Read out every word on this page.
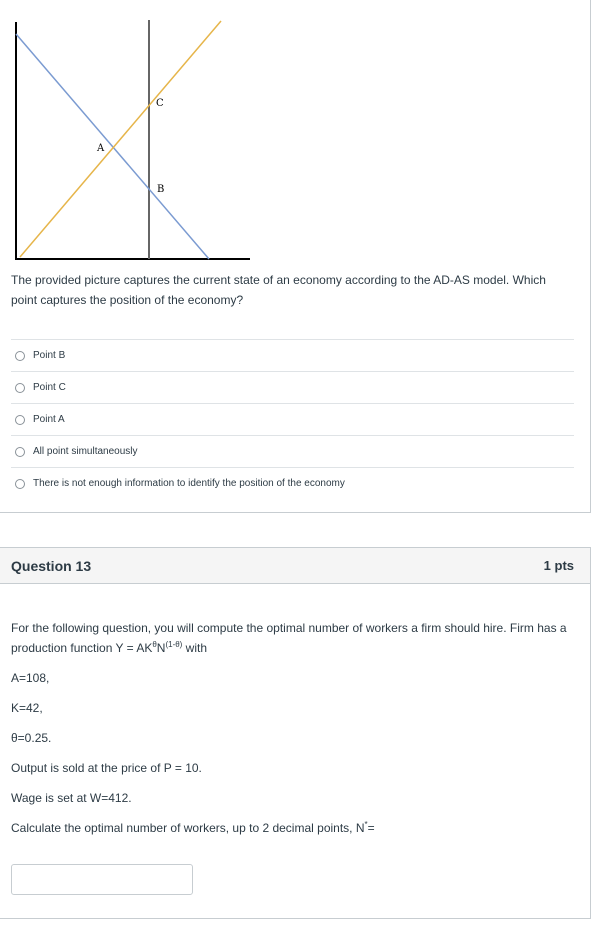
A
C
B
The provided picture captures the current state of an economy according to the AD-AS model. Which point captures the position of the economy?
Point B
Point C
Point A
All point simultaneously
There is not enough information to identify the position of the economy
Question 13	1 pts

For the following question, you will compute the optimal number of workers a firm should hire. Firm has a production function $Y = AK^\theta N^{(1-\theta)}$ with

A=108,

K=42,

θ=0.25.

Output is sold at the price of P = 10.

Wage is set at W=412.

Calculate the optimal number of workers, up to 2 decimal points, N*=
